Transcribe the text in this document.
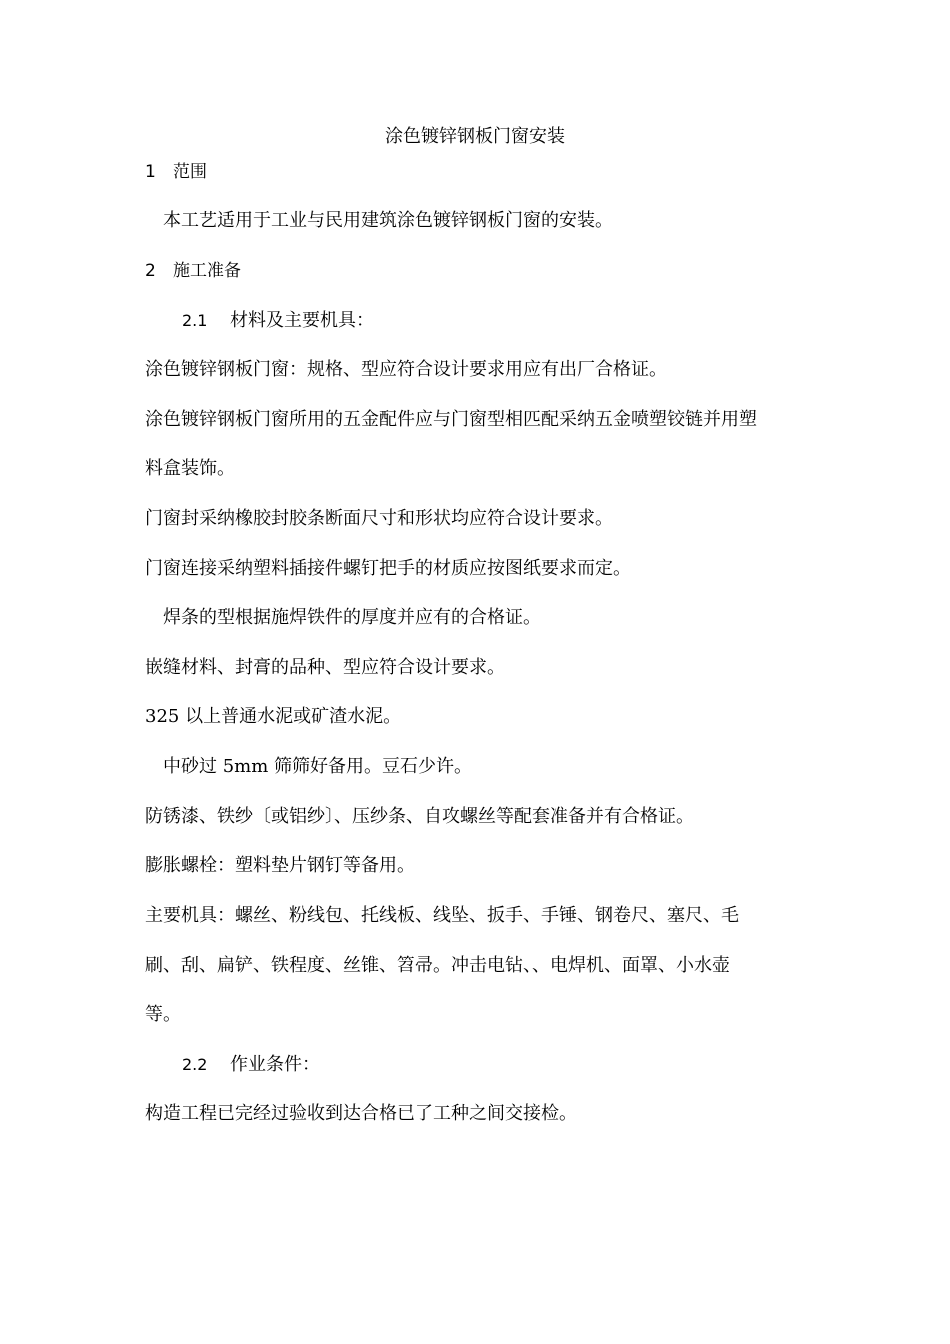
涂色镀锌钢板门窗安装
1 范围
本工艺适用于工业与民用建筑涂色镀锌钢板门窗的安装。
2 施工准备
2.1 材料及主要机具：
涂色镀锌钢板门窗：规格、型应符合设计要求用应有出厂合格证。
涂色镀锌钢板门窗所用的五金配件应与门窗型相匹配采纳五金喷塑铰链并用塑
料盒装饰。
门窗封采纳橡胶封胶条断面尺寸和形状均应符合设计要求。
门窗连接采纳塑料插接件螺钉把手的材质应按图纸要求而定。
焊条的型根据施焊铁件的厚度并应有的合格证。
嵌缝材料、封膏的品种、型应符合设计要求。
325 以上普通水泥或矿渣水泥。
中砂过 5mm 筛筛好备用。豆石少许。
防锈漆、铁纱〔或铝纱〕、压纱条、自攻螺丝等配套准备并有合格证。
膨胀螺栓：塑料垫片钢钉等备用。
主要机具：螺丝、粉线包、托线板、线坠、扳手、手锤、钢卷尺、塞尺、毛
刷、刮、扁铲、铁程度、丝锥、笤帚。冲击电钻、、电焊机、面罩、小水壶
等。
2.2 作业条件：
构造工程已完经过验收到达合格已了工种之间交接检。
